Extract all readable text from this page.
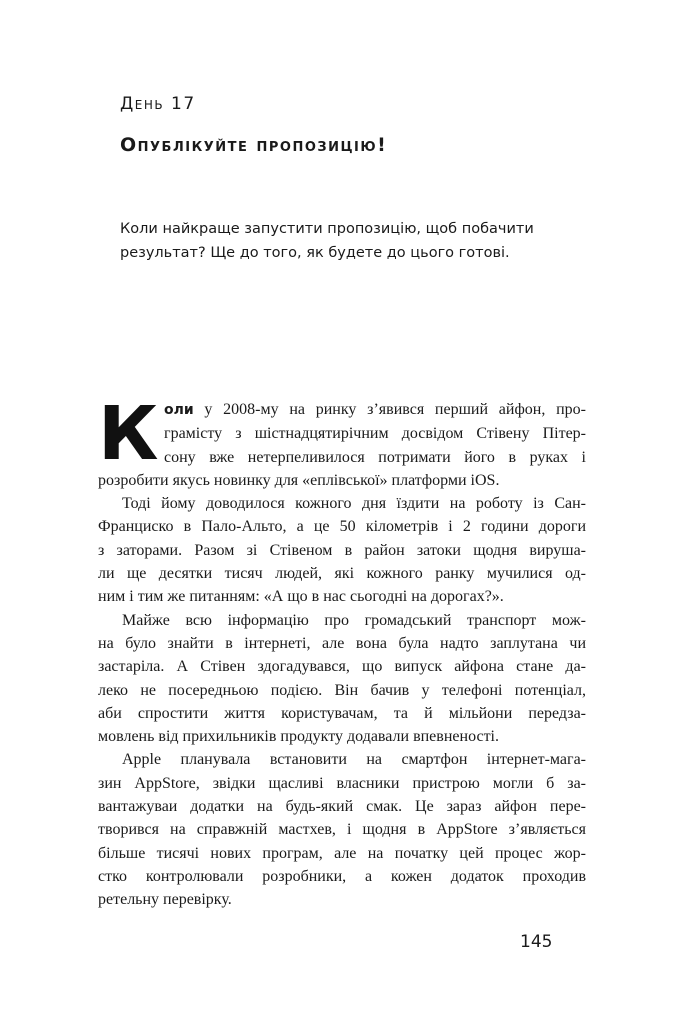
День 17
Опублікуйте пропозицію!
Коли найкраще запустити пропозицію, щоб побачити
результат? Ще до того, як будете до цього готові.
К оли у 2008-му на ринку з’явився перший айфон, про-
грамісту з шістнадцятирічним досвідом Стівену Пітер-
сону вже нетерпеливилося потримати його в руках і
розробити якусь новинку для «еплівської» платформи iOS.
Тоді йому доводилося кожного дня їздити на роботу із Сан-
Франциско в Пало-Альто, а це 50 кілометрів і 2 години дороги
з заторами. Разом зі Стівеном в район затоки щодня вируша-
ли ще десятки тисяч людей, які кожного ранку мучилися од-
ним і тим же питанням: «А що в нас сьогодні на дорогах?».
Майже всю інформацію про громадський транспорт мож-
на було знайти в інтернеті, але вона була надто заплутана чи
застаріла. А Стівен здогадувався, що випуск айфона стане да-
леко не посередньою подією. Він бачив у телефоні потенціал,
аби спростити життя користувачам, та й мільйони передза-
мовлень від прихильників продукту додавали впевненості.
Apple планувала встановити на смартфон інтернет-мага-
зин AppStore, звідки щасливі власники пристрою могли б за-
вантажуваи додатки на будь-який смак. Це зараз айфон пере-
творився на справжній мастхев, і щодня в AppStore з’являється
більше тисячі нових програм, але на початку цей процес жор-
стко контролювали розробники, а кожен додаток проходив
ретельну перевірку.
145
